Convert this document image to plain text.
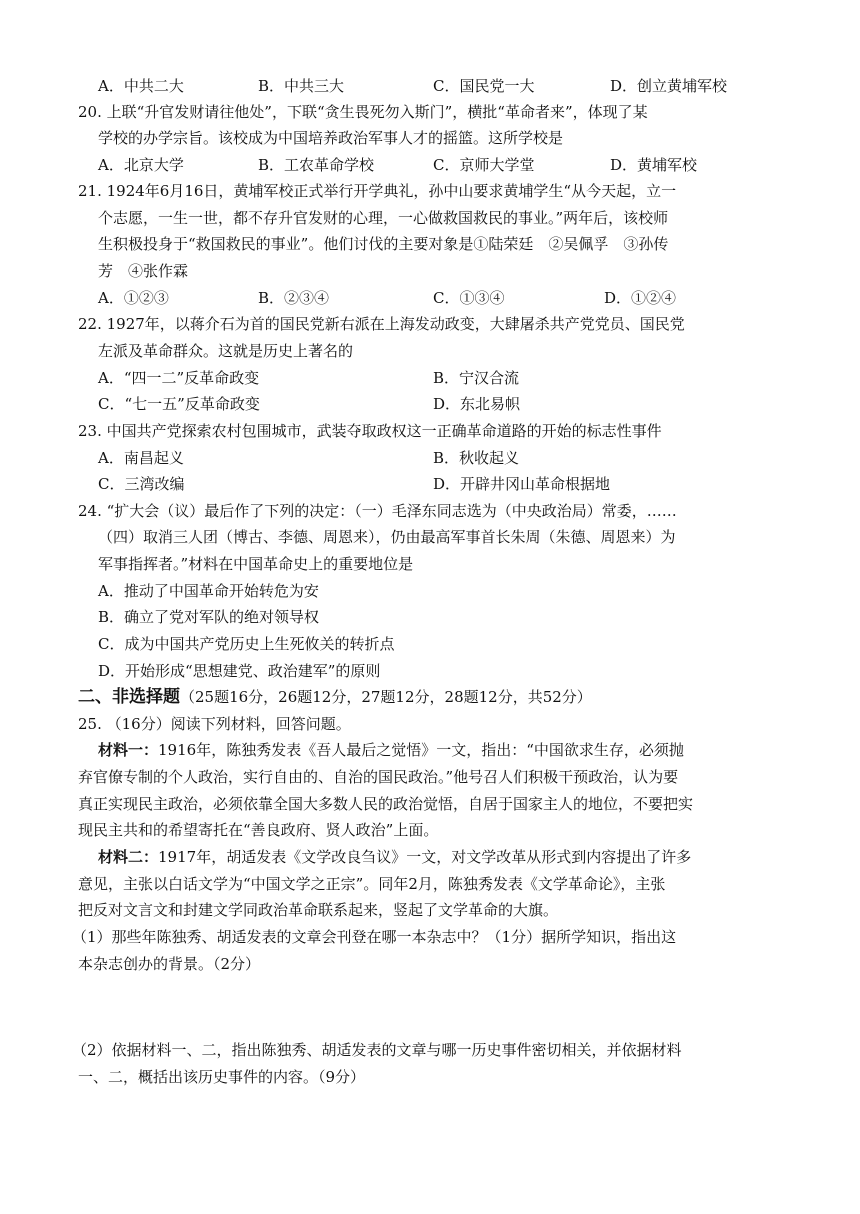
A．中共二大	B．中共三大	C．国民党一大	D．创立黄埔军校
20. 上联“升官发财请往他处”，下联“贪生畏死勿入斯门”，横批“革命者来”，体现了某
学校的办学宗旨。该校成为中国培养政治军事人才的摇篮。这所学校是
A．北京大学	B．工农革命学校	C．京师大学堂	D．黄埔军校
21. 1924年6月16日，黄埔军校正式举行开学典礼，孙中山要求黄埔学生“从今天起，立一
个志愿，一生一世，都不存升官发财的心理，一心做救国救民的事业。”两年后，该校师
生积极投身于“救国救民的事业”。他们讨伐的主要对象是①陆荣廷　②吴佩孚　③孙传
芳　④张作霖
A．①②③	B．②③④	C．①③④	D．①②④
22. 1927年，以蒋介石为首的国民党新右派在上海发动政变，大肆屠杀共产党党员、国民党
左派及革命群众。这就是历史上著名的
A．“四一二”反革命政变	B．宁汉合流
C．“七一五”反革命政变	D．东北易帜
23. 中国共产党探索农村包围城市，武装夺取政权这一正确革命道路的开始的标志性事件
A．南昌起义	B．秋收起义
C．三湾改编	D．开辟井冈山革命根据地
24. “扩大会（议）最后作了下列的决定：（一）毛泽东同志选为（中央政治局）常委，……
（四）取消三人团（博古、李德、周恩来），仍由最高军事首长朱周（朱德、周恩来）为
军事指挥者。”材料在中国革命史上的重要地位是
A．推动了中国革命开始转危为安
B．确立了党对军队的绝对领导权
C．成为中国共产党历史上生死攸关的转折点
D．开始形成“思想建党、政治建军”的原则
二、非选择题（25题16分，26题12分，27题12分，28题12分，共52分）
25. （16分）阅读下列材料，回答问题。
材料一：1916年，陈独秀发表《吾人最后之觉悟》一文，指出：“中国欲求生存，必须抛
弃官僚专制的个人政治，实行自由的、自治的国民政治。”他号召人们积极干预政治，认为要
真正实现民主政治，必须依靠全国大多数人民的政治觉悟，自居于国家主人的地位，不要把实
现民主共和的希望寄托在“善良政府、贤人政治”上面。
材料二：1917年，胡适发表《文学改良刍议》一文，对文学改革从形式到内容提出了许多
意见，主张以白话文学为“中国文学之正宗”。同年2月，陈独秀发表《文学革命论》，主张
把反对文言文和封建文学同政治革命联系起来，竖起了文学革命的大旗。
（1）那些年陈独秀、胡适发表的文章会刊登在哪一本杂志中？（1分）据所学知识，指出这
本杂志创办的背景。（2分）
（2）依据材料一、二，指出陈独秀、胡适发表的文章与哪一历史事件密切相关，并依据材料
一、二，概括出该历史事件的内容。（9分）
